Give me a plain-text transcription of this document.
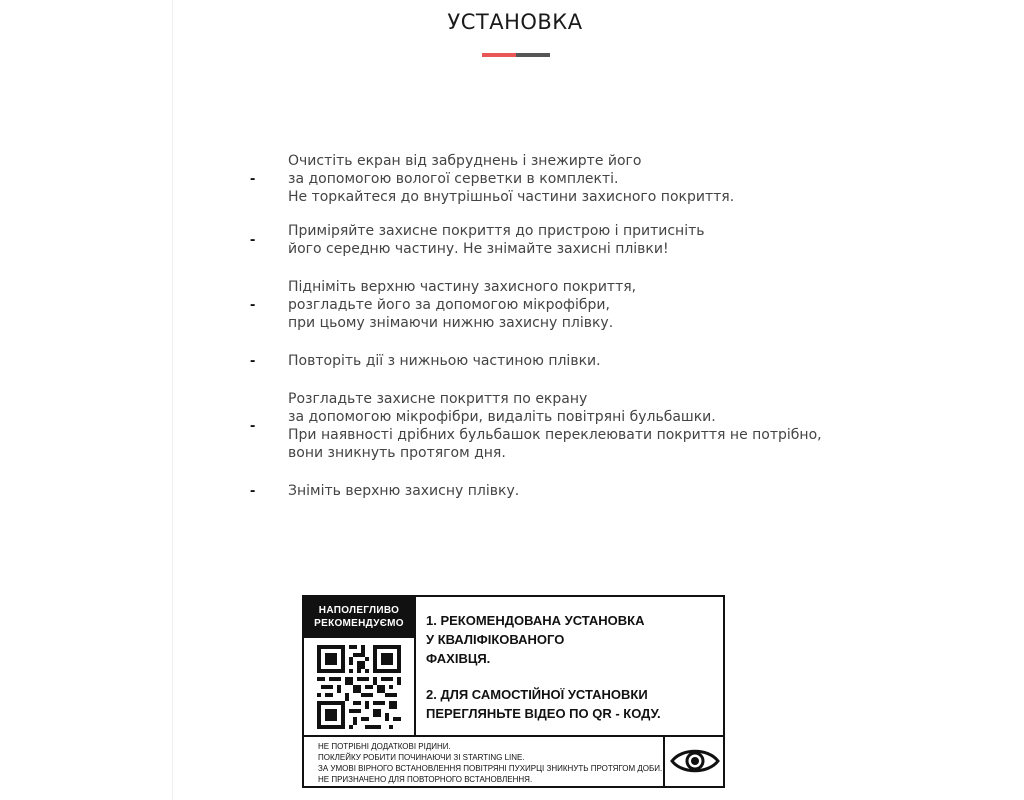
УСТАНОВКА
-
Очистіть екран від забруднень і знежирте його
за допомогою вологої серветки в комплекті.
Не торкайтеся до внутрішньої частини захисного покриття.
-	Приміряйте захисне покриття до пристрою і притисніть
його середню частину. Не знімайте захисні плівки!
-
Підніміть верхню частину захисного покриття,
розгладьте його за допомогою мікрофібри,
при цьому знімаючи нижню захисну плівку.
-	Повторіть дії з нижньою частиною плівки.
-
Розгладьте захисне покриття по екрану
за допомогою мікрофібри, видаліть повітряні бульбашки.
При наявності дрібних бульбашок переклеювати покриття не потрібно,
вони зникнуть протягом дня.
-	Зніміть верхню захисну плівку.
НАПОЛЕГЛИВО
РЕКОМЕНДУЄМО	1. РЕКОМЕНДОВАНА УСТАНОВКА
У КВАЛІФІКОВАНОГО
ФАХІВЦЯ.
2. ДЛЯ САМОСТІЙНОЇ УСТАНОВКИ
ПЕРЕГЛЯНЬТЕ ВІДЕО ПО QR - КОДУ.
НЕ ПОТРІБНІ ДОДАТКОВІ РІДИНИ.
ПОКЛЕЙКУ РОБИТИ ПОЧИНАЮЧИ ЗІ STARTING LINE.
ЗА УМОВІ ВІРНОГО ВСТАНОВЛЕННЯ ПОВІТРЯНІ ПУХИРЦІ ЗНИКНУТЬ ПРОТЯГОМ ДОБИ.
НЕ ПРИЗНАЧЕНО ДЛЯ ПОВТОРНОГО ВСТАНОВЛЕННЯ.
